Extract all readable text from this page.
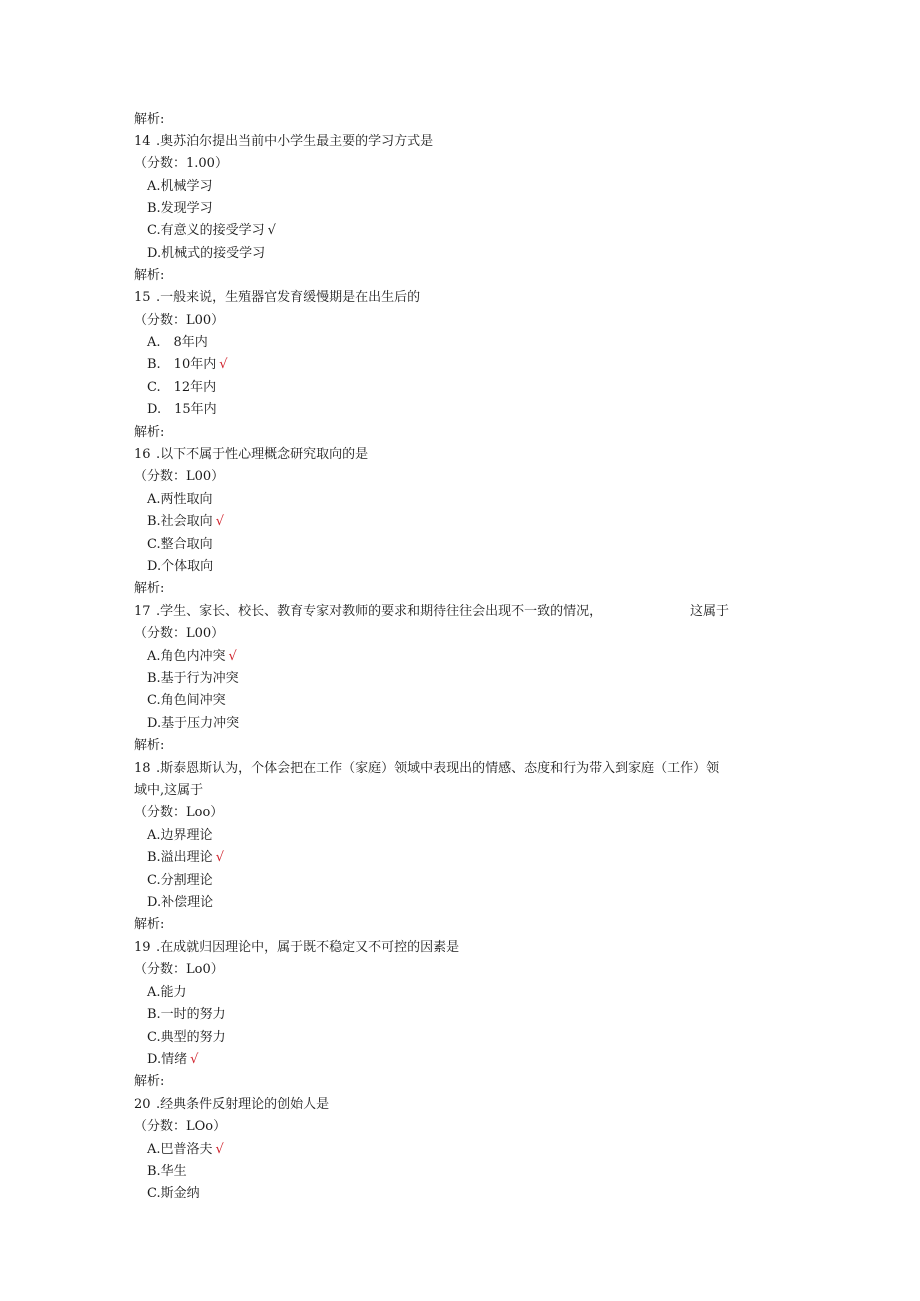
解析:
14 .奥苏泊尔提出当前中小学生最主要的学习方式是
（分数：1.00）
A.机械学习
B.发现学习
C.有意义的接受学习 √
D.机械式的接受学习
解析:
15 .一般来说，生殖器官发育缓慢期是在出生后的
（分数：L00）
A.　8年内
B.　10年内 √
C.　12年内
D.　15年内
解析:
16 .以下不属于性心理概念研究取向的是
（分数：L00）
A.两性取向
B.社会取向 √
C.整合取向
D.个体取向
解析:
17 .学生、家长、校长、教育专家对教师的要求和期待往往会出现不一致的情况，	这属于
（分数：L00）
A.角色内冲突 √
B.基于行为冲突
C.角色间冲突
D.基于压力冲突
解析:
18 .斯泰恩斯认为，个体会把在工作（家庭）领域中表现出的情感、态度和行为带入到家庭（工作）领
域中,这属于
（分数：Loo）
A.边界理论
B.溢出理论 √
C.分割理论
D.补偿理论
解析:
19 .在成就归因理论中，属于既不稳定又不可控的因素是
（分数：Lo0）
A.能力
B.一时的努力
C.典型的努力
D.情绪 √
解析:
20 .经典条件反射理论的创始人是
（分数：LOo）
A.巴普洛夫 √
B.华生
C.斯金纳
